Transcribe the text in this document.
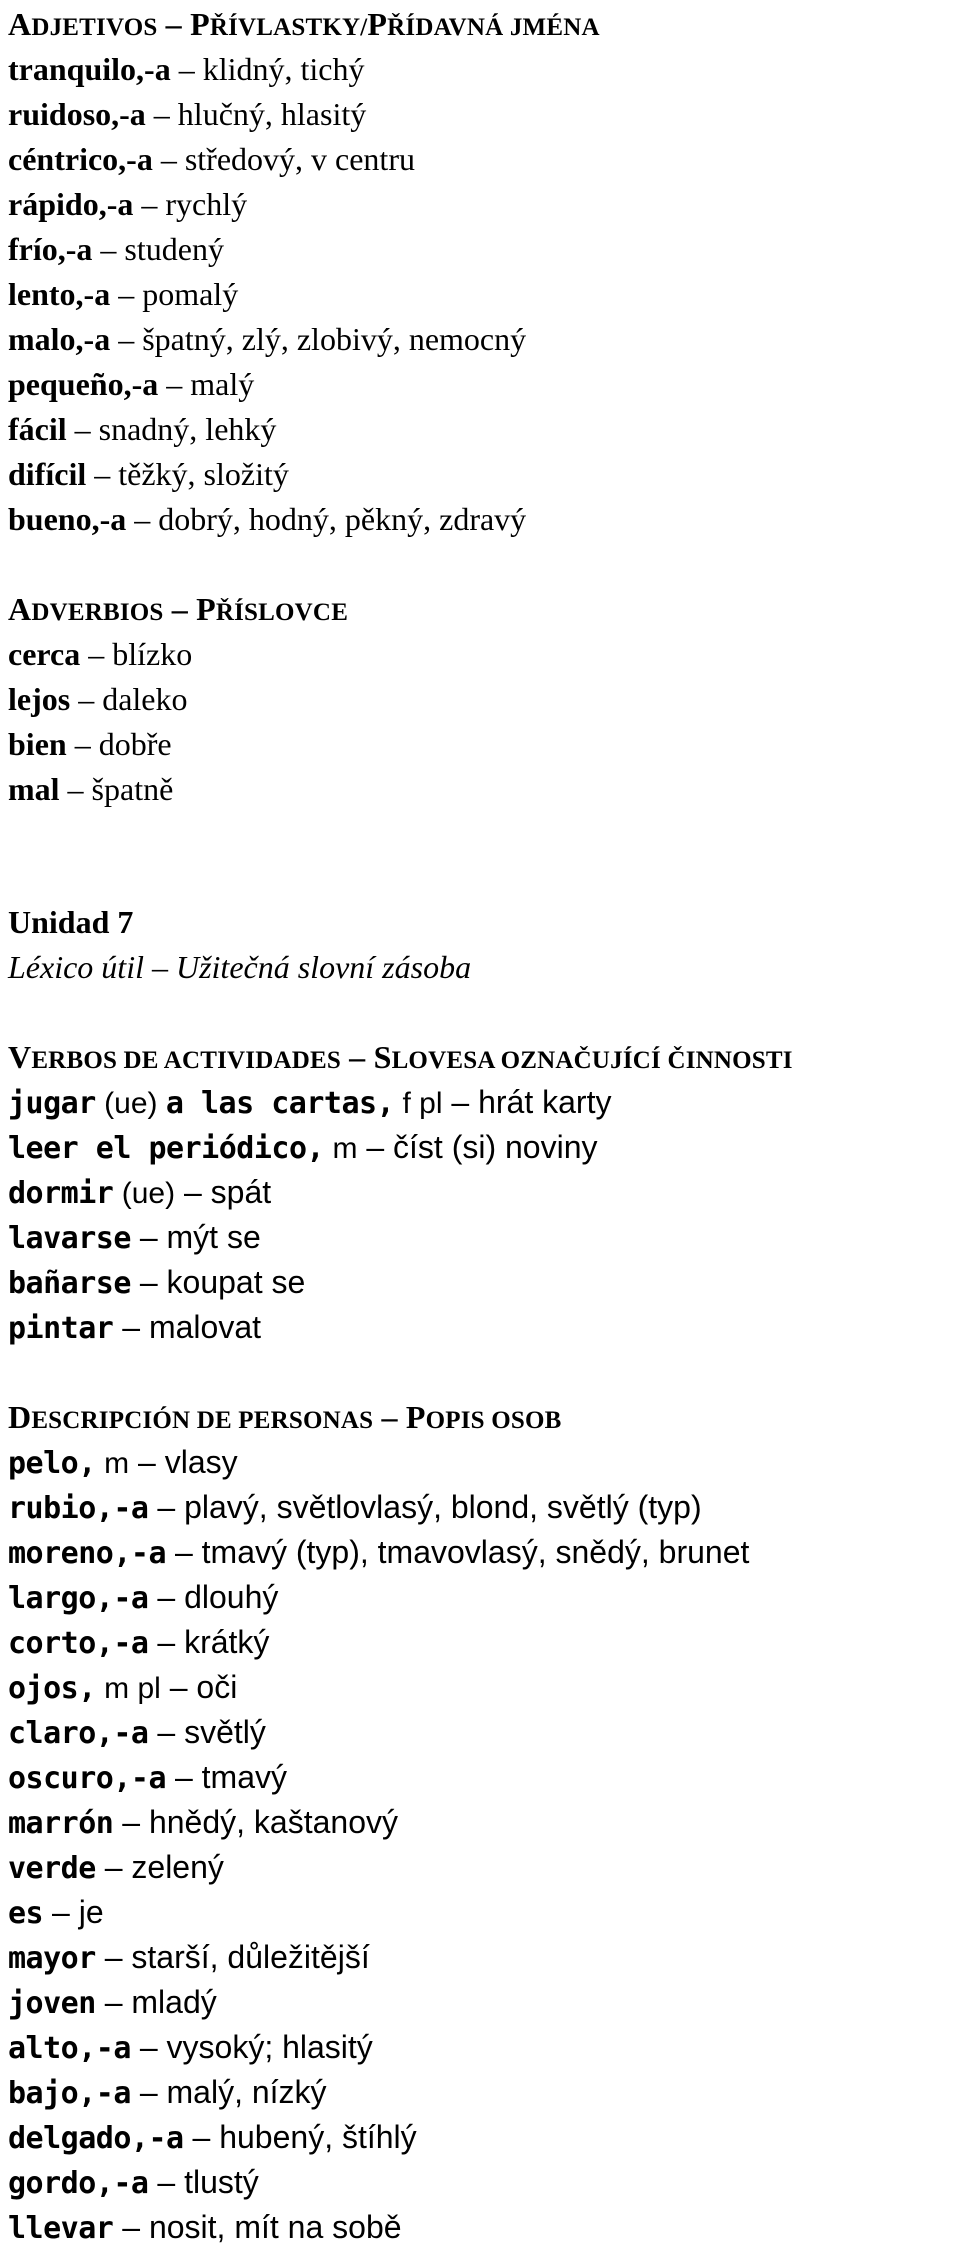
ADJETIVOS – PŘÍVLASTKY/PŘÍDAVNÁ JMÉNA
tranquilo,-a – klidný, tichý
ruidoso,-a – hlučný, hlasitý
céntrico,-a – středový, v centru
rápido,-a – rychlý
frío,-a – studený
lento,-a – pomalý
malo,-a – špatný, zlý, zlobivý, nemocný
pequeño,-a – malý
fácil – snadný, lehký
difícil – těžký, složitý
bueno,-a – dobrý, hodný, pěkný, zdravý
ADVERBIOS – PŘÍSLOVCE
cerca – blízko
lejos – daleko
bien – dobře
mal – špatně
Unidad 7
Léxico útil – Užitečná slovní zásoba
VERBOS DE ACTIVIDADES – SLOVESA OZNAČUJÍCÍ ČINNOSTI
jugar (ue) a las cartas, f pl – hrát karty
leer el periódico, m – číst (si) noviny
dormir (ue) – spát
lavarse – mýt se
bañarse – koupat se
pintar – malovat
DESCRIPCIÓN DE PERSONAS – POPIS OSOB
pelo, m – vlasy
rubio,-a – plavý, světlovlasý, blond, světlý (typ)
moreno,-a – tmavý (typ), tmavovlasý, snědý, brunet
largo,-a – dlouhý
corto,-a – krátký
ojos, m pl – oči
claro,-a – světlý
oscuro,-a – tmavý
marrón – hnědý, kaštanový
verde – zelený
es – je
mayor – starší, důležitější
joven – mladý
alto,-a – vysoký; hlasitý
bajo,-a – malý, nízký
delgado,-a – hubený, štíhlý
gordo,-a – tlustý
llevar – nosit, mít na sobě
